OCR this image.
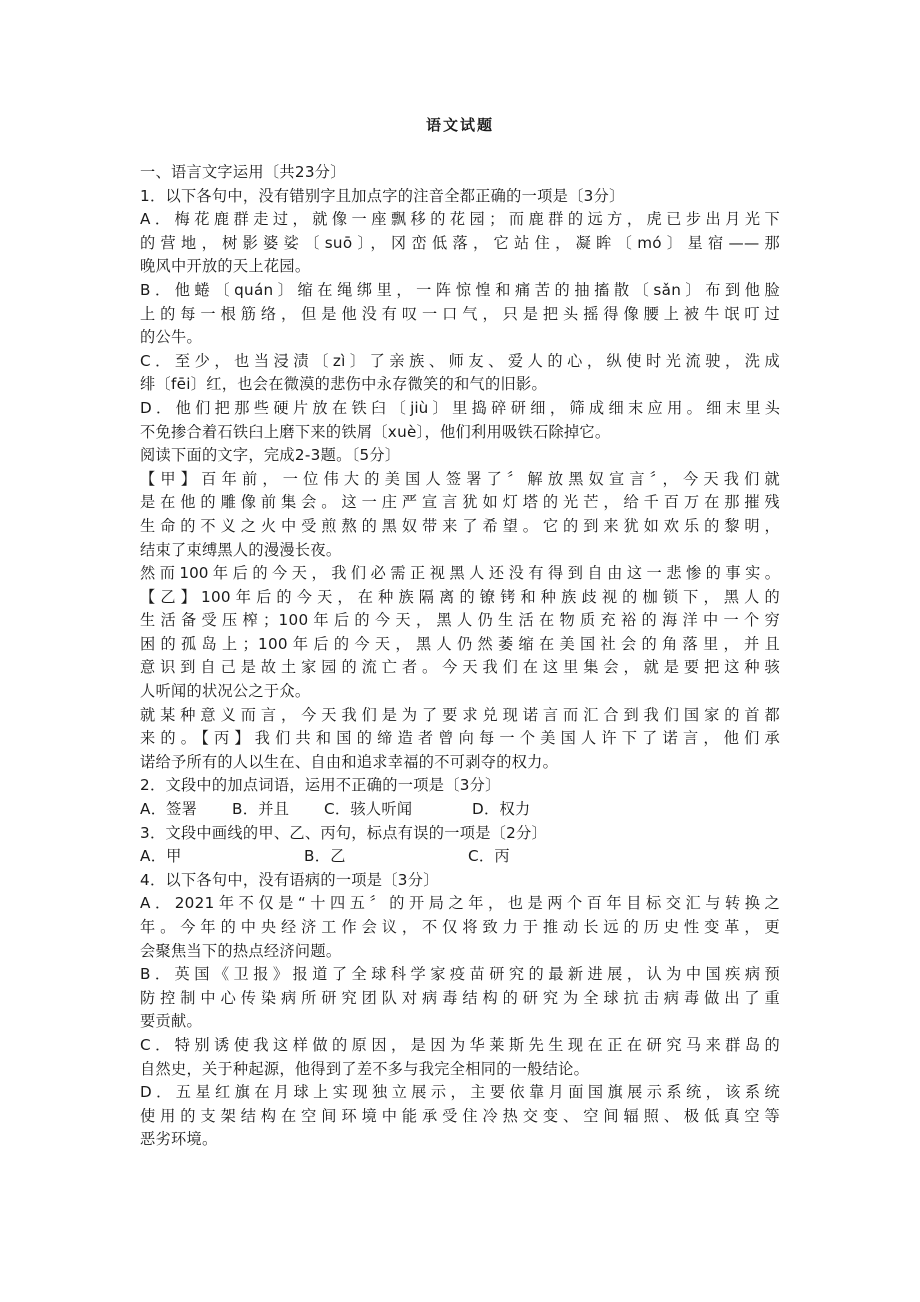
语文试题
一、语言文字运用〔共23分〕
1．以下各句中，没有错别字且加点字的注音全都正确的一项是〔3分〕
A．梅花鹿群走过，就像一座飘移的花园；而鹿群的远方，虎已步出月光下
的营地，树影婆娑〔suō〕，冈峦低落，它站住，凝眸〔mó〕星宿——那
晚风中开放的天上花园。
B．他蜷〔quán〕缩在绳绑里，一阵惊惶和痛苦的抽搐散〔sǎn〕布到他脸
上的每一根筋络，但是他没有叹一口气，只是把头摇得像腰上被牛氓叮过
的公牛。
C．至少，也当浸渍〔zì〕了亲族、师友、爱人的心，纵使时光流驶，洗成
绯〔fēi〕红，也会在微漠的悲伤中永存微笑的和气的旧影。
D．他们把那些硬片放在铁臼〔jiù〕里捣碎研细，筛成细末应用。细末里头
不免掺合着石铁臼上磨下来的铁屑〔xuè〕，他们利用吸铁石除掉它。
阅读下面的文字，完成2-3题。〔5分〕
【甲】百年前，一位伟大的美国人签署了〞解放黑奴宣言〞，今天我们就
是在他的雕像前集会。这一庄严宣言犹如灯塔的光芒，给千百万在那摧残
生命的不义之火中受煎熬的黑奴带来了希望。它的到来犹如欢乐的黎明，
结束了束缚黑人的漫漫长夜。
然而100年后的今天，我们必需正视黑人还没有得到自由这一悲惨的事实。
【乙】100年后的今天，在种族隔离的镣铐和种族歧视的枷锁下，黑人的
生活备受压榨；100年后的今天，黑人仍生活在物质充裕的海洋中一个穷
困的孤岛上；100年后的今天，黑人仍然萎缩在美国社会的角落里，并且
意识到自己是故土家园的流亡者。今天我们在这里集会，就是要把这种骇
人听闻的状况公之于众。
就某种意义而言，今天我们是为了要求兑现诺言而汇合到我们国家的首都
来的。【丙】我们共和国的缔造者曾向每一个美国人许下了诺言，他们承
诺给予所有的人以生在、自由和追求幸福的不可剥夺的权力。
2．文段中的加点词语，运用不正确的一项是〔3分〕
A．签署	B．并且	C．骇人听闻	D．权力
3．文段中画线的甲、乙、丙句，标点有误的一项是〔2分〕
A．甲	B．乙	C．丙
4．以下各句中，没有语病的一项是〔3分〕
A．2021年不仅是“十四五〞的开局之年，也是两个百年目标交汇与转换之
年。今年的中央经济工作会议，不仅将致力于推动长远的历史性变革，更
会聚焦当下的热点经济问题。
B．英国《卫报》报道了全球科学家疫苗研究的最新进展，认为中国疾病预
防控制中心传染病所研究团队对病毒结构的研究为全球抗击病毒做出了重
要贡献。
C．特别诱使我这样做的原因，是因为华莱斯先生现在正在研究马来群岛的
自然史，关于种起源，他得到了差不多与我完全相同的一般结论。
D．五星红旗在月球上实现独立展示，主要依靠月面国旗展示系统，该系统
使用的支架结构在空间环境中能承受住冷热交变、空间辐照、极低真空等
恶劣环境。
